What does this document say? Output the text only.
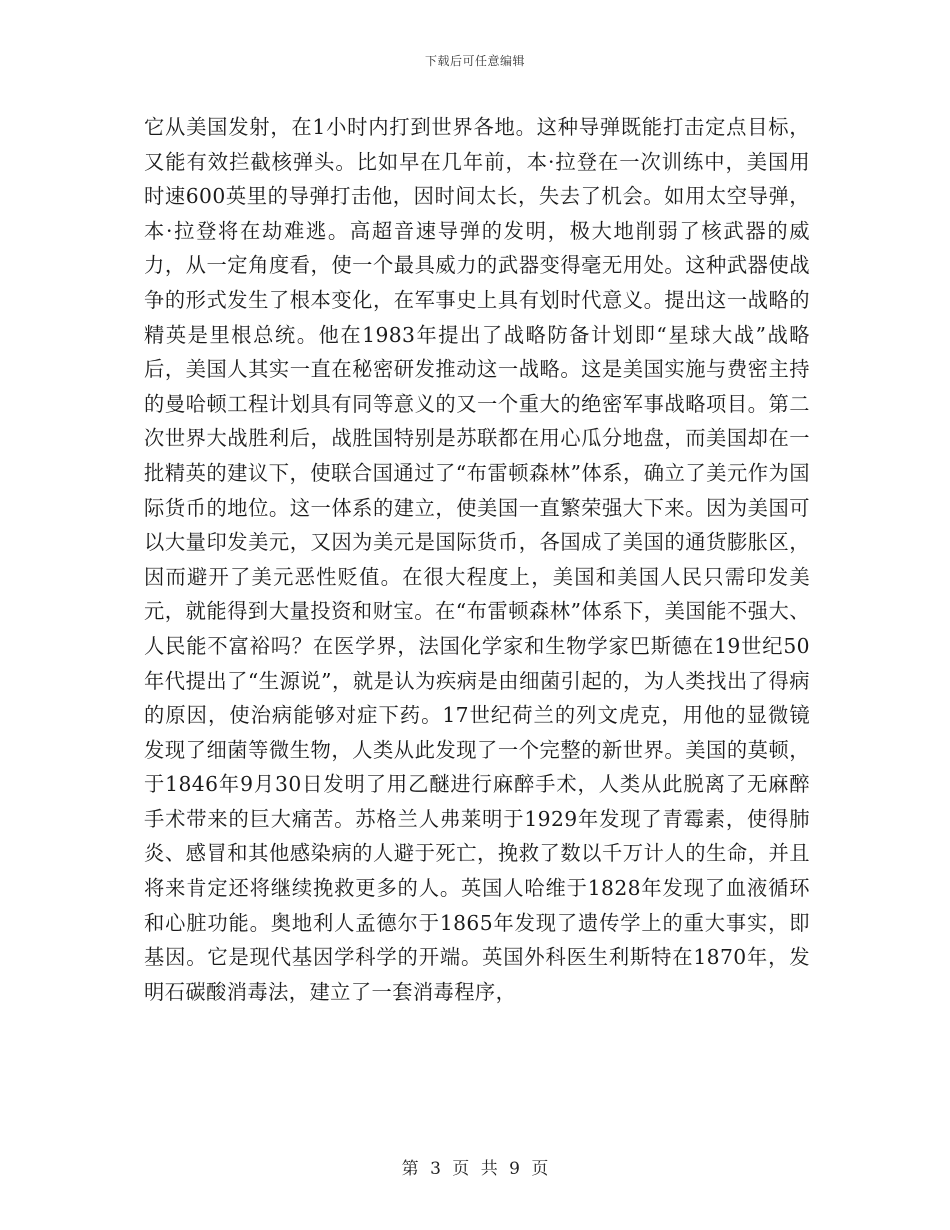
下载后可任意编辑

它从美国发射，在1小时内打到世界各地。这种导弹既能打击定点目标，又能有效拦截核弹头。比如早在几年前，本·拉登在一次训练中，美国用时速600英里的导弹打击他，因时间太长，失去了机会。如用太空导弹，本·拉登将在劫难逃。高超音速导弹的发明，极大地削弱了核武器的威力，从一定角度看，使一个最具威力的武器变得毫无用处。这种武器使战争的形式发生了根本变化，在军事史上具有划时代意义。提出这一战略的精英是里根总统。他在1983年提出了战略防备计划即“星球大战”战略后，美国人其实一直在秘密研发推动这一战略。这是美国实施与费密主持的曼哈顿工程计划具有同等意义的又一个重大的绝密军事战略项目。第二次世界大战胜利后，战胜国特别是苏联都在用心瓜分地盘，而美国却在一批精英的建议下，使联合国通过了“布雷顿森林”体系，确立了美元作为国际货币的地位。这一体系的建立，使美国一直繁荣强大下来。因为美国可以大量印发美元，又因为美元是国际货币，各国成了美国的通货膨胀区，因而避开了美元恶性贬值。在很大程度上，美国和美国人民只需印发美元，就能得到大量投资和财宝。在“布雷顿森林”体系下，美国能不强大、人民能不富裕吗？在医学界，法国化学家和生物学家巴斯德在19世纪50年代提出了“生源说”，就是认为疾病是由细菌引起的，为人类找出了得病的原因，使治病能够对症下药。17世纪荷兰的列文虎克，用他的显微镜发现了细菌等微生物，人类从此发现了一个完整的新世界。美国的莫顿，于1846年9月30日发明了用乙醚进行麻醉手术，人类从此脱离了无麻醉手术带来的巨大痛苦。苏格兰人弗莱明于1929年发现了青霉素，使得肺炎、感冒和其他感染病的人避于死亡，挽救了数以千万计人的生命，并且将来肯定还将继续挽救更多的人。英国人哈维于1828年发现了血液循环和心脏功能。奥地利人孟德尔于1865年发现了遗传学上的重大事实，即基因。它是现代基因学科学的开端。英国外科医生利斯特在1870年，发明石碳酸消毒法，建立了一套消毒程序，

第 3 页 共 9 页
